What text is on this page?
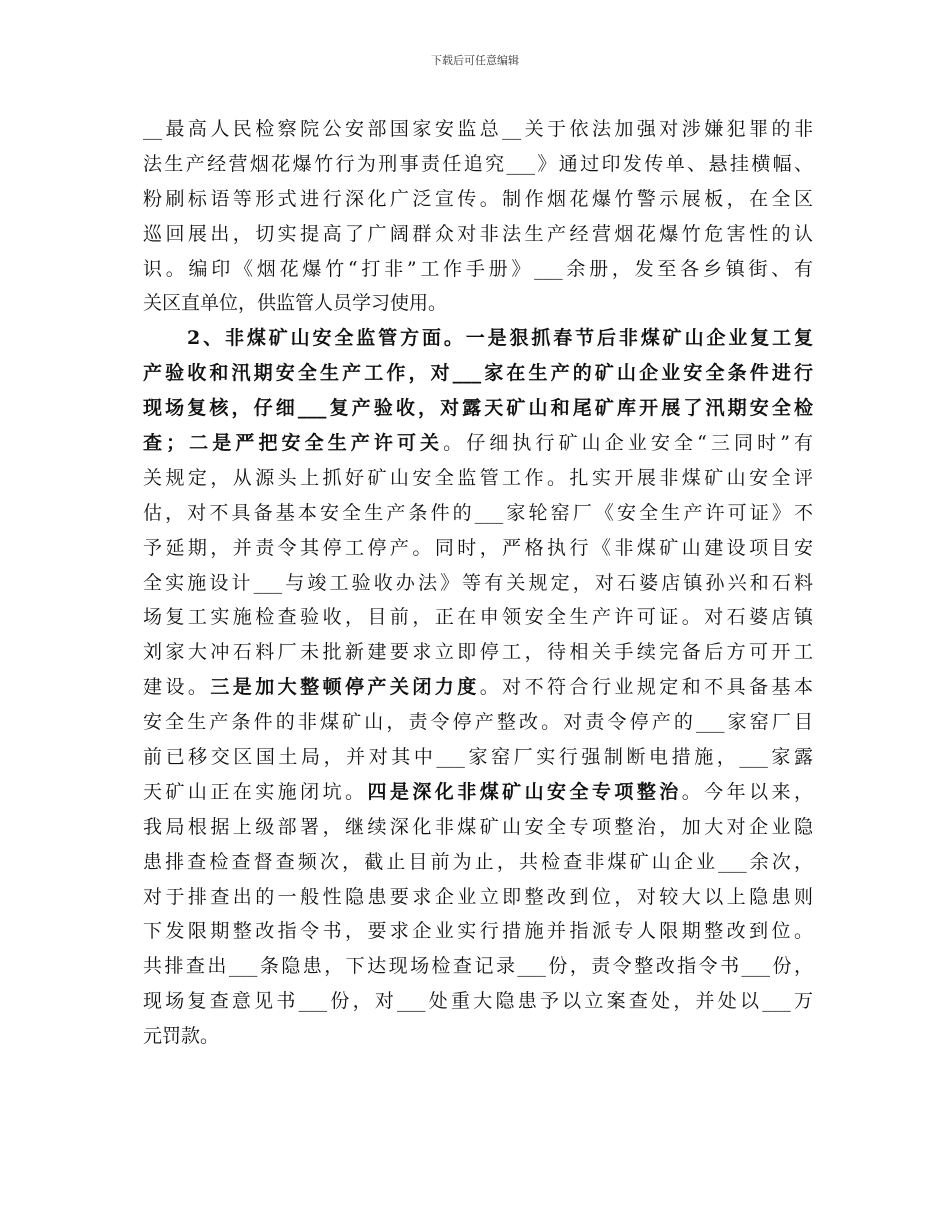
下载后可任意编辑
__最高人民检察院公安部国家安监总__关于依法加强对涉嫌犯罪的非
法生产经营烟花爆竹行为刑事责任追究___》通过印发传单、悬挂横幅、
粉刷标语等形式进行深化广泛宣传。制作烟花爆竹警示展板，在全区
巡回展出，切实提高了广阔群众对非法生产经营烟花爆竹危害性的认
识。编印《烟花爆竹“打非”工作手册》___余册，发至各乡镇街、有
关区直单位，供监管人员学习使用。
2、非煤矿山安全监管方面。一是狠抓春节后非煤矿山企业复工复
产验收和汛期安全生产工作，对___家在生产的矿山企业安全条件进行
现场复核，仔细___复产验收，对露天矿山和尾矿库开展了汛期安全检
查；二是严把安全生产许可关。仔细执行矿山企业安全“三同时”有
关规定，从源头上抓好矿山安全监管工作。扎实开展非煤矿山安全评
估，对不具备基本安全生产条件的___家轮窑厂《安全生产许可证》不
予延期，并责令其停工停产。同时，严格执行《非煤矿山建设项目安
全实施设计___与竣工验收办法》等有关规定，对石婆店镇孙兴和石料
场复工实施检查验收，目前，正在申领安全生产许可证。对石婆店镇
刘家大冲石料厂未批新建要求立即停工，待相关手续完备后方可开工
建设。三是加大整顿停产关闭力度。对不符合行业规定和不具备基本
安全生产条件的非煤矿山，责令停产整改。对责令停产的___家窑厂目
前已移交区国土局，并对其中___家窑厂实行强制断电措施，___家露
天矿山正在实施闭坑。四是深化非煤矿山安全专项整治。今年以来，
我局根据上级部署，继续深化非煤矿山安全专项整治，加大对企业隐
患排查检查督查频次，截止目前为止，共检查非煤矿山企业___余次，
对于排查出的一般性隐患要求企业立即整改到位，对较大以上隐患则
下发限期整改指令书，要求企业实行措施并指派专人限期整改到位。
共排查出___条隐患，下达现场检查记录___份，责令整改指令书___份，
现场复查意见书___份，对___处重大隐患予以立案查处，并处以___万
元罚款。
